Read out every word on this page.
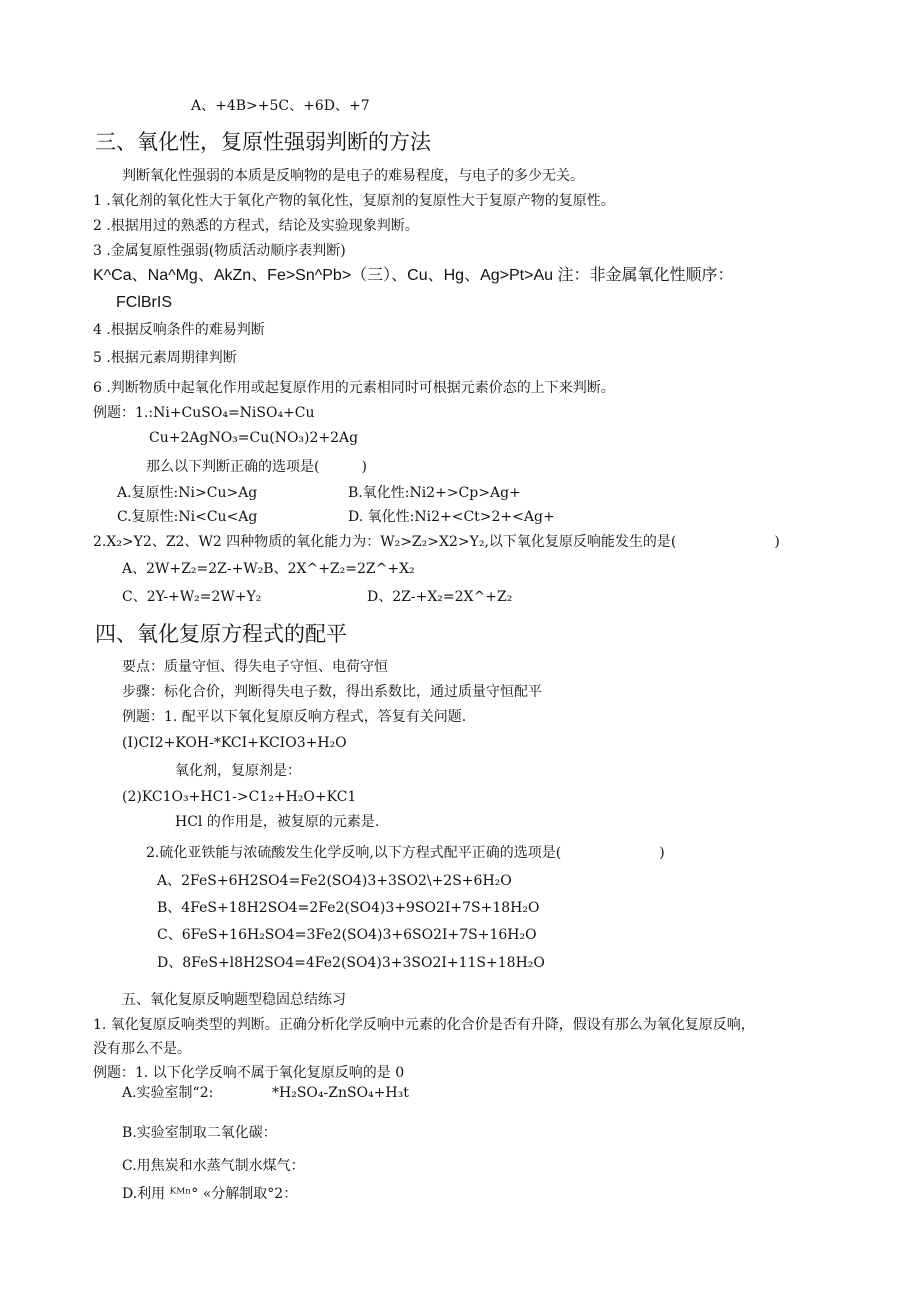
A、+4B>+5C、+6D、+7
三、氧化性，复原性强弱判断的方法
判断氧化性强弱的本质是反响物的是电子的难易程度，与电子的多少无关。
1 .氧化剂的氧化性大于氧化产物的氧化性，复原剂的复原性大于复原产物的复原性。
2 .根据用过的熟悉的方程式，结论及实验现象判断。
3 .金属复原性强弱(物质活动顺序表判断)
K^Ca、Na^Mg、AkZn、Fe>Sn^Pb>（三）、Cu、Hg、Ag>Pt>Au 注：非金属氧化性顺序：
FClBrIS
4 .根据反响条件的难易判断
5 .根据元素周期律判断
6 .判断物质中起氧化作用或起复原作用的元素相同时可根据元素价态的上下来判断。
例题：1.:Ni+CuSO₄=NiSO₄+Cu
Cu+2AgNO₃=Cu(NO₃)2+2Ag
那么以下判断正确的选项是(　　　)
A.复原性:Ni>Cu>Ag	B.氧化性:Ni2+>Cp>Ag+
C.复原性:Ni<Cu<Ag	D. 氧化性:Ni2+<Ct>2+<Ag+
2.X₂>Y2、Z2、W2 四种物质的氧化能力为：W₂>Z₂>X2>Y₂,以下氧化复原反响能发生的是(　　　　　　　)
A、2W+Z₂=2Z-+W₂B、2X^+Z₂=2Z^+X₂
C、2Y-+W₂=2W+Y₂	D、2Z-+X₂=2X^+Z₂
四、氧化复原方程式的配平
要点：质量守恒、得失电子守恒、电荷守恒
步骤：标化合价，判断得失电子数，得出系数比，通过质量守恒配平
例题：1. 配平以下氧化复原反响方程式，答复有关问题.
(I)CI2+KOH-*KCI+KCIO3+H₂O
氧化剂，复原剂是：
(2)KC1O₃+HC1->C1₂+H₂O+KC1
HCl 的作用是，被复原的元素是.
2.硫化亚铁能与浓硫酸发生化学反响,以下方程式配平正确的选项是(　　　　　　　)
A、2FeS+6H2SO4=Fe2(SO4)3+3SO2\+2S+6H₂O
B、4FeS+18H2SO4=2Fe2(SO4)3+9SO2I+7S+18H₂O
C、6FeS+16H₂SO4=3Fe2(SO4)3+6SO2I+7S+16H₂O
D、8FeS+l8H2SO4=4Fe2(SO4)3+3SO2I+11S+18H₂O
五、氧化复原反响题型稳固总结练习
1. 氧化复原反响类型的判断。正确分析化学反响中元素的化合价是否有升降，假设有那么为氧化复原反响，
没有那么不是。
例题：1. 以下化学反响不属于氧化复原反响的是 0
A.实验室制“2:	*H₂SO₄-ZnSO₄+H₃t
B.实验室制取二氧化碳：
C.用焦炭和水蒸气制水煤气：
D.利用 ᴷᴹⁿ° «分解制取°2：
